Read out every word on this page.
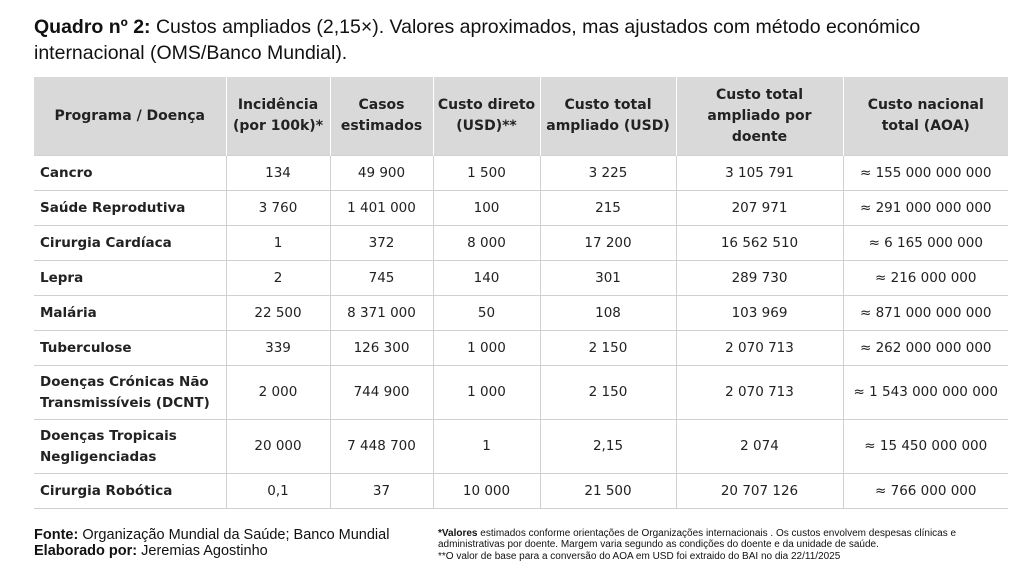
Quadro nº 2: Custos ampliados (2,15×). Valores aproximados, mas ajustados com método económico internacional (OMS/Banco Mundial).
Programa / Doença	Incidência (por 100k)*	Casos estimados	Custo direto (USD)**	Custo total ampliado (USD)	Custo total ampliado por doente	Custo nacional total (AOA)
Cancro	134	49 900	1 500	3 225	3 105 791	≈ 155 000 000 000
Saúde Reprodutiva	3 760	1 401 000	100	215	207 971	≈ 291 000 000 000
Cirurgia Cardíaca	1	372	8 000	17 200	16 562 510	≈ 6 165 000 000
Lepra	2	745	140	301	289 730	≈ 216 000 000
Malária	22 500	8 371 000	50	108	103 969	≈ 871 000 000 000
Tuberculose	339	126 300	1 000	2 150	2 070 713	≈ 262 000 000 000
Doenças Crónicas Não Transmissíveis (DCNT)	2 000	744 900	1 000	2 150	2 070 713	≈ 1 543 000 000 000
Doenças Tropicais Negligenciadas	20 000	7 448 700	1	2,15	2 074	≈ 15 450 000 000
Cirurgia Robótica	0,1	37	10 000	21 500	20 707 126	≈ 766 000 000
Fonte: Organização Mundial da Saúde; Banco Mundial
Elaborado por: Jeremias Agostinho
*Valores estimados conforme orientações de Organizações internacionais . Os custos envolvem despesas clínicas e administrativas por doente. Margem varia segundo as condições do doente e da unidade de saúde.
**O valor de base para a conversão do AOA em USD foi extraido do BAI no dia 22/11/2025
